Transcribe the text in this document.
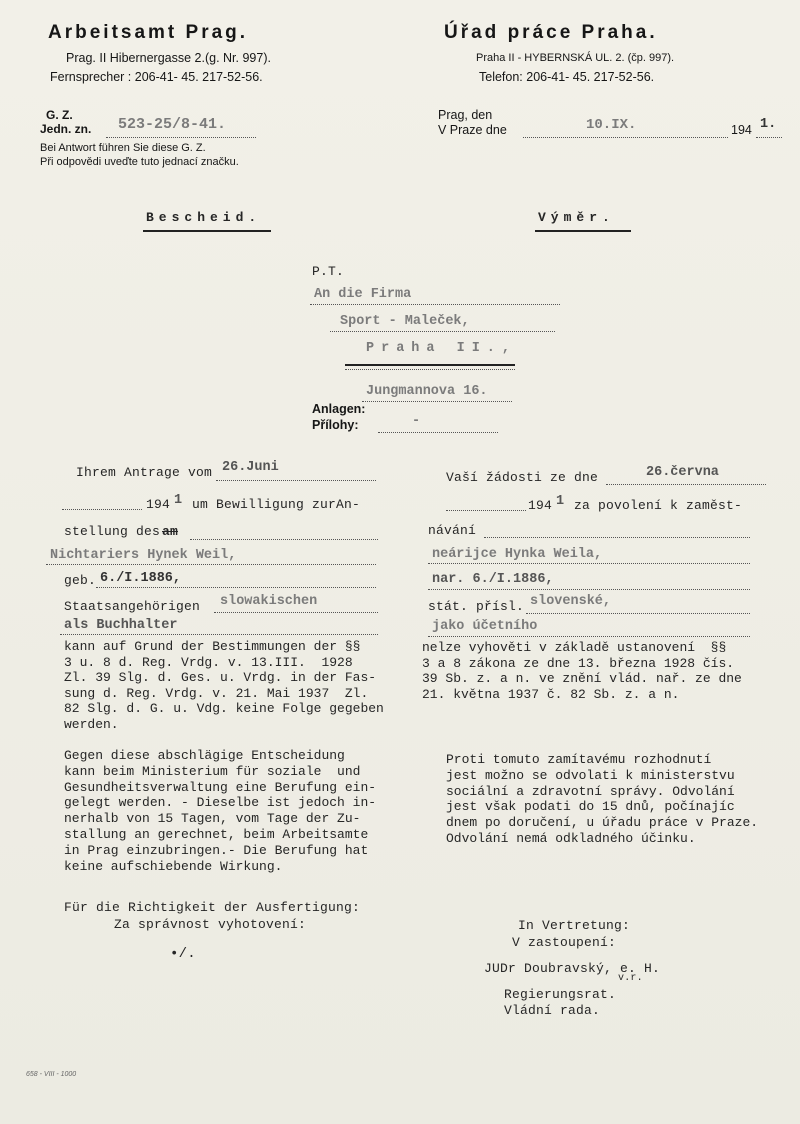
Arbeitsamt Prag.
Prag. II Hibernergasse 2.(g. Nr. 997).
Fernsprecher : 206-41- 45. 217-52-56.
Úřad práce Praha.
Praha II - HYBERNSKÁ UL. 2. (čp. 997).
Telefon: 206-41- 45. 217-52-56.
G. Z.
Jedn. zn. 523-25/8-41.
Bei Antwort führen Sie diese G. Z.
Při odpovědi uveďte tuto jednací značku.
Prag, den
V Praze dne	10.IX.	194 1.
Bescheid.	Výměr.
P.T.
An die Firma
Sport - Maleček,
Praha II.,
Jungmannova 16.
Anlagen:
Přílohy:	-
Ihrem Antrage vom 26.Juni
194 1 um Bewilligung zurAn-
stellung des am
Nichtariers Hynek Weil,
geb. 6./I.1886,
Staatsangehörigen slowakischen
als Buchhalter
kann auf Grund der Bestimmungen der §§
3 u. 8 d. Reg. Vrdg. v. 13.III.  1928
Zl. 39 Slg. d. Ges. u. Vrdg. in der Fas-
sung d. Reg. Vrdg. v. 21. Mai 1937  Zl.
82 Slg. d. G. u. Vdg. keine Folge gegeben
werden.
Gegen diese abschlägige Entscheidung
kann beim Ministerium für soziale  und
Gesundheitsverwaltung eine Berufung ein-
gelegt werden. - Dieselbe ist jedoch in-
nerhalb von 15 Tagen, vom Tage der Zu-
stallung an gerechnet, beim Arbeitsamte
in Prag einzubringen.- Die Berufung hat
keine aufschiebende Wirkung.
Für die Richtigkeit der Ausfertigung:
Za správnost vyhotovení:
•/.
Vaší žádosti ze dne	26.června
194 1 za povolení k zaměst-
návání
neárijce Hynka Weila,
nar. 6./I.1886,
stát. přísl. slovenské,
jako účetního
nelze vyhověti v základě ustanovení  §§
3 a 8 zákona ze dne 13. března 1928 čís.
39 Sb. z. a n. ve znění vlád. nař. ze dne
21. května 1937 č. 82 Sb. z. a n.
Proti tomuto zamítavému rozhodnutí
jest možno se odvolati k ministerstvu
sociální a zdravotní správy. Odvolání
jest však podati do 15 dnů, počínajíc
dnem po doručení, u úřadu práce v Praze.
Odvolání nemá odkladného účinku.
In Vertretung:
V zastoupení:
JUDr Doubravský, e. H.
v.r.
Regierungsrat.
Vládní rada.
658 - VIII - 1000
